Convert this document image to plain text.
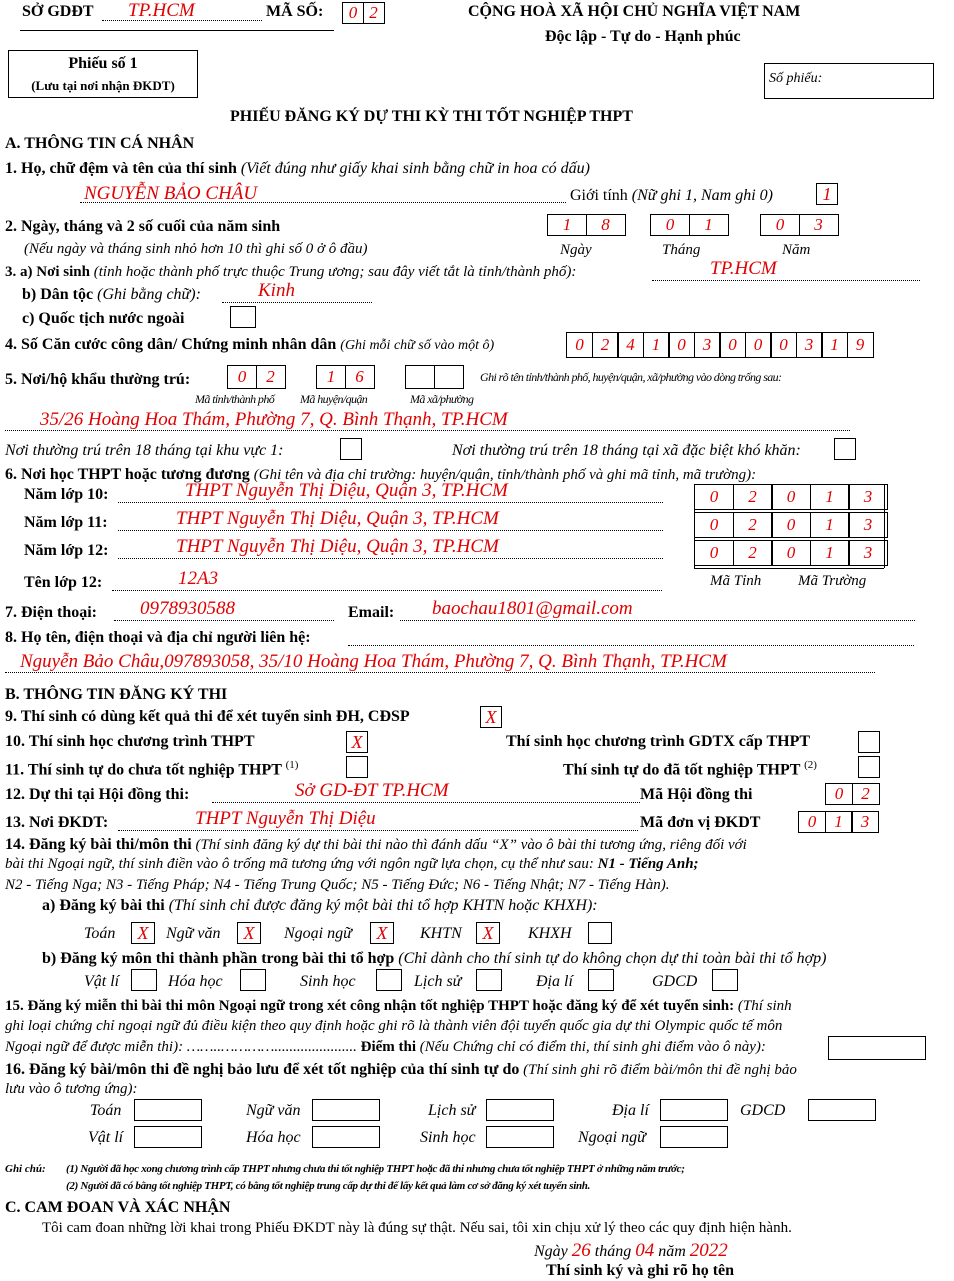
SỞ GDĐT TP.HCM	MÃ SỐ:	0 2	CỘNG HOÀ XÃ HỘI CHỦ NGHĨA VIỆT NAM
Độc lập - Tự do - Hạnh phúc
Phiếu số 1
(Lưu tại nơi nhận ĐKDT)	Số phiếu:
PHIẾU ĐĂNG KÝ DỰ THI KỲ THI TỐT NGHIỆP THPT
A. THÔNG TIN CÁ NHÂN
1. Họ, chữ đệm và tên của thí sinh (Viết đúng như giấy khai sinh bằng chữ in hoa có dấu)
NGUYỄN BẢO CHÂU	Giới tính (Nữ ghi 1, Nam ghi 0)	1
2. Ngày, tháng và 2 số cuối của năm sinh
(Nếu ngày và tháng sinh nhỏ hơn 10 thì ghi số 0 ở ô đầu)
1	8	0	1	0	3
Ngày	Tháng	Năm
3. a) Nơi sinh (tỉnh hoặc thành phố trực thuộc Trung ương; sau đây viết tắt là tỉnh/thành phố):	TP.HCM
b) Dân tộc (Ghi bằng chữ):	Kinh
c) Quốc tịch nước ngoài
4. Số Căn cước công dân/ Chứng minh nhân dân (Ghi mỗi chữ số vào một ô)	0	2	4	1	0	3	0	0	0	3	1	9
5. Nơi/hộ khẩu thường trú:	0	2	1	6	Ghi rõ tên tỉnh/thành phố, huyện/quận, xã/phường vào dòng trống sau:
Mã tỉnh/thành phố Mã huyện/quận	Mã xã/phường
35/26 Hoàng Hoa Thám, Phường 7, Q. Bình Thạnh, TP.HCM
Nơi thường trú trên 18 tháng tại khu vực 1:	Nơi thường trú trên 18 tháng tại xã đặc biệt khó khăn:
6. Nơi học THPT hoặc tương đương (Ghi tên và địa chỉ trường: huyện/quận, tỉnh/thành phố và ghi mã tỉnh, mã trường):
Năm lớp 10:	THPT Nguyễn Thị Diệu, Quận 3, TP.HCM	0	2	0	1	3
Năm lớp 11:	THPT Nguyễn Thị Diệu, Quận 3, TP.HCM	0	2	0	1	3
Năm lớp 12:	THPT Nguyễn Thị Diệu, Quận 3, TP.HCM	0	2	0	1	3
Tên lớp 12:	12A3	Mã Tỉnh Mã Trường
7. Điện thoại: 0978930588	Email: baochau1801@gmail.com
8. Họ tên, điện thoại và địa chỉ người liên hệ:
Nguyễn Bảo Châu,097893058, 35/10 Hoàng Hoa Thám, Phường 7, Q. Bình Thạnh, TP.HCM
B. THÔNG TIN ĐĂNG KÝ THI
9. Thí sinh có dùng kết quả thi để xét tuyển sinh ĐH, CĐSP	X
10. Thí sinh học chương trình THPT	X	Thí sinh học chương trình GDTX cấp THPT
11. Thí sinh tự do chưa tốt nghiệp THPT $^{(1)}$	Thí sinh tự do đã tốt nghiệp THPT $^{(2)}$
12. Dự thi tại Hội đồng thi:	Sở GD-ĐT TP.HCM	Mã Hội đồng thi	0	2
13. Nơi ĐKDT:	THPT Nguyễn Thị Diệu	Mã đơn vị ĐKDT	0	1	3
14. Đăng ký bài thi/môn thi (Thí sinh đăng ký dự thi bài thi nào thì đánh dấu “X” vào ô bài thi tương ứng, riêng đối với
bài thi Ngoại ngữ, thí sinh điền vào ô trống mã tương ứng với ngôn ngữ lựa chọn, cụ thể như sau: N1 - Tiếng Anh;
N2 - Tiếng Nga; N3 - Tiếng Pháp; N4 - Tiếng Trung Quốc; N5 - Tiếng Đức; N6 - Tiếng Nhật; N7 - Tiếng Hàn).
a) Đăng ký bài thi (Thí sinh chỉ được đăng ký một bài thi tổ hợp KHTN hoặc KHXH):
Toán	X	Ngữ văn	X	Ngoại ngữ	X	KHTN	X	KHXH
b) Đăng ký môn thi thành phần trong bài thi tổ hợp (Chỉ dành cho thí sinh tự do không chọn dự thi toàn bài thi tổ hợp)
Vật lí	Hóa học	Sinh học	Lịch sử	Địa lí	GDCD
15. Đăng ký miễn thi bài thi môn Ngoại ngữ trong xét công nhận tốt nghiệp THPT hoặc đăng ký để xét tuyển sinh: (Thí sinh
ghi loại chứng chỉ ngoại ngữ đủ điều kiện theo quy định hoặc ghi rõ là thành viên đội tuyển quốc gia dự thi Olympic quốc tế môn
Ngoại ngữ để được miễn thi): ……..…………...................... Điểm thi (Nếu Chứng chỉ có điểm thi, thí sinh ghi điểm vào ô này):
16. Đăng ký bài/môn thi đề nghị bảo lưu để xét tốt nghiệp của thí sinh tự do (Thí sinh ghi rõ điểm bài/môn thi đề nghị bảo
lưu vào ô tương ứng):
Toán	Ngữ văn	Lịch sử	Địa lí	GDCD
Vật lí	Hóa học	Sinh học	Ngoại ngữ
Ghi chú: (1) Người đã học xong chương trình cấp THPT nhưng chưa thi tốt nghiệp THPT hoặc đã thi nhưng chưa tốt nghiệp THPT ở những năm trước;
(2) Người đã có bằng tốt nghiệp THPT, có bằng tốt nghiệp trung cấp dự thi để lấy kết quả làm cơ sở đăng ký xét tuyển sinh.
C. CAM ĐOAN VÀ XÁC NHẬN
Tôi cam đoan những lời khai trong Phiếu ĐKDT này là đúng sự thật. Nếu sai, tôi xin chịu xử lý theo các quy định hiện hành.
Ngày 26 tháng 04 năm 2022
Thí sinh ký và ghi rõ họ tên
